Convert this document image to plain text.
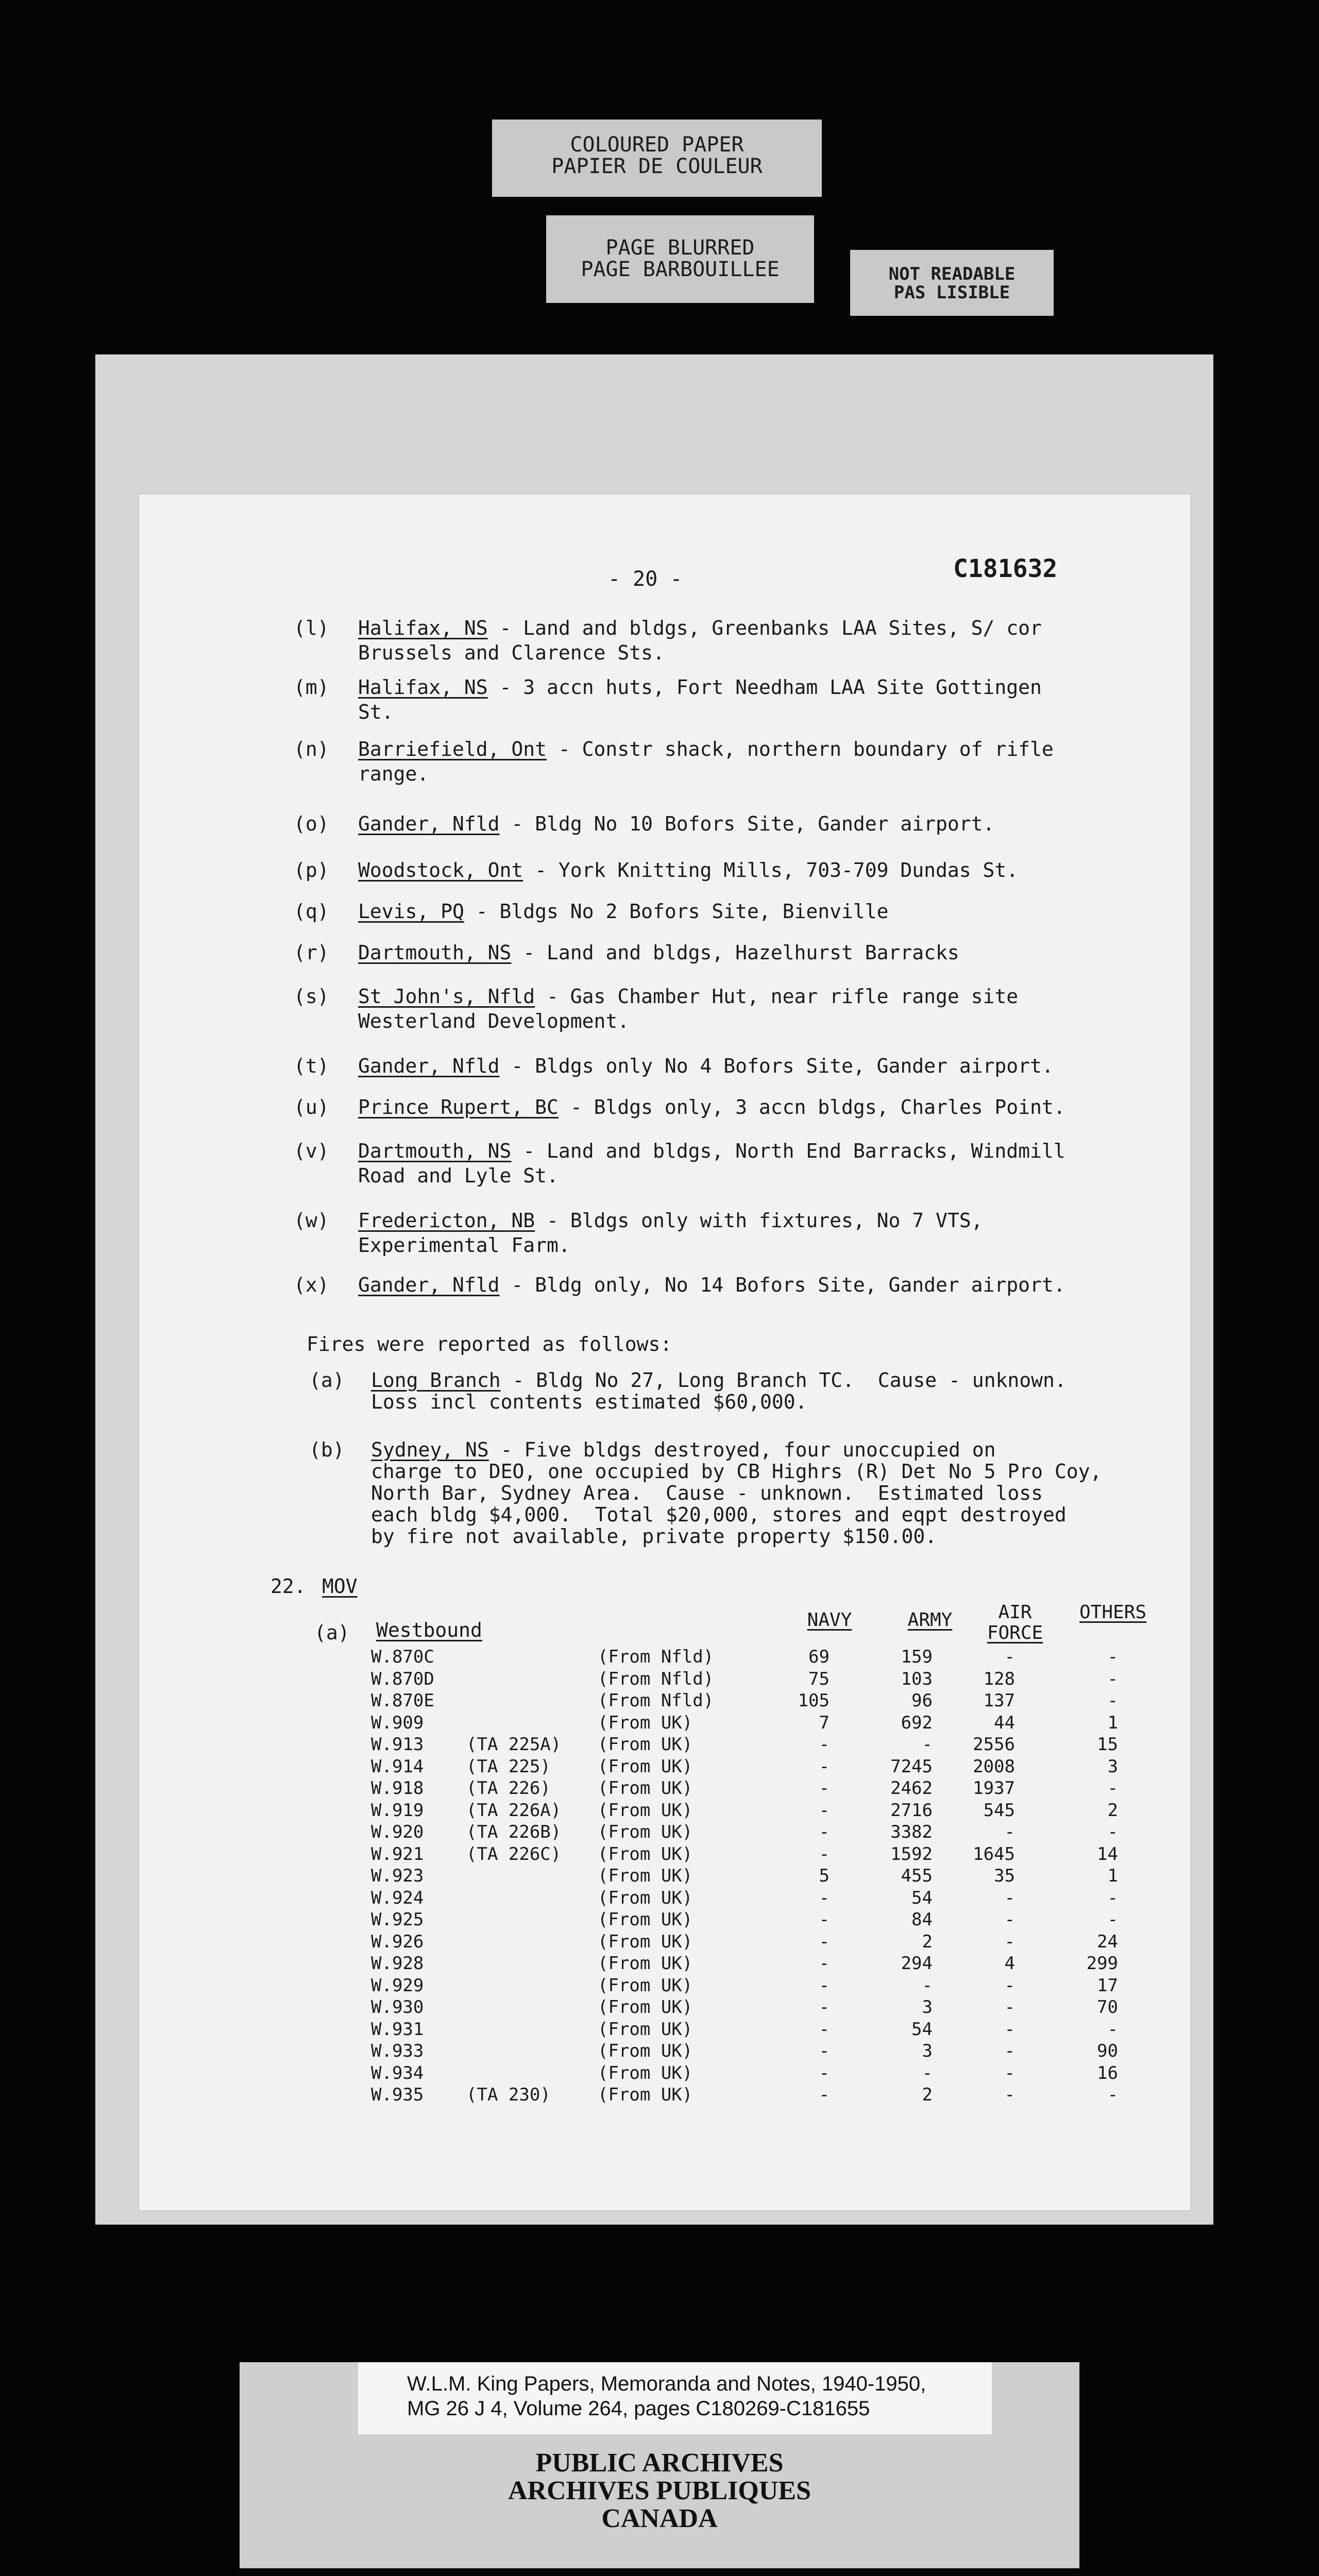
COLOURED PAPER
PAPIER DE COULEUR
PAGE BLURRED
PAGE BARBOUILLEE	NOT READABLE
PAS LISIBLE
- 20 -	C181632
(l) Halifax, NS - Land and bldgs, Greenbanks LAA Sites, S/ cor
Brussels and Clarence Sts.
(m) Halifax, NS - 3 accn huts, Fort Needham LAA Site Gottingen
St.
(n) Barriefield, Ont - Constr shack, northern boundary of rifle
range.
(o) Gander, Nfld - Bldg No 10 Bofors Site, Gander airport.
(p) Woodstock, Ont - York Knitting Mills, 703-709 Dundas St.
(q) Levis, PQ - Bldgs No 2 Bofors Site, Bienville
(r) Dartmouth, NS - Land and bldgs, Hazelhurst Barracks
(s) St John's, Nfld - Gas Chamber Hut, near rifle range site
Westerland Development.
(t) Gander, Nfld - Bldgs only No 4 Bofors Site, Gander airport.
(u) Prince Rupert, BC - Bldgs only, 3 accn bldgs, Charles Point.
(v) Dartmouth, NS - Land and bldgs, North End Barracks, Windmill
Road and Lyle St.
(w) Fredericton, NB - Bldgs only with fixtures, No 7 VTS,
Experimental Farm.
(x) Gander, Nfld - Bldg only, No 14 Bofors Site, Gander airport.
Fires were reported as follows:
(a) Long Branch - Bldg No 27, Long Branch TC.  Cause - unknown.
Loss incl contents estimated $60,000.
(b) Sydney, NS - Five bldgs destroyed, four unoccupied on
charge to DEO, one occupied by CB Highrs (R) Det No 5 Pro Coy,
North Bar, Sydney Area.  Cause - unknown.  Estimated loss
each bldg $4,000.  Total $20,000, stores and eqpt destroyed
by fire not available, private property $150.00.
22. MOV
(a) Westbound	NAVY	ARMY	AIR
FORCE
OTHERS
W.870C	(From Nfld)	69	159	-	-
W.870D	(From Nfld)	75	103	128	-
W.870E	(From Nfld)	105	96	137	-
W.909	(From UK)	7	692	44	1
W.913	(TA 225A)	(From UK)	-	-	2556	15
W.914	(TA 225)	(From UK)	-	7245	2008	3
W.918	(TA 226)	(From UK)	-	2462	1937	-
W.919	(TA 226A)	(From UK)	-	2716	545	2
W.920	(TA 226B)	(From UK)	-	3382	-	-
W.921	(TA 226C)	(From UK)	-	1592	1645	14
W.923	(From UK)	5	455	35	1
W.924	(From UK)	-	54	-	-
W.925	(From UK)	-	84	-	-
W.926	(From UK)	-	2	-	24
W.928	(From UK)	-	294	4	299
W.929	(From UK)	-	-	-	17
W.930	(From UK)	-	3	-	70
W.931	(From UK)	-	54	-	-
W.933	(From UK)	-	3	-	90
W.934	(From UK)	-	-	-	16
W.935	(TA 230)	(From UK)	-	2	-	-
W.L.M. King Papers, Memoranda and Notes, 1940-1950,
MG 26 J 4, Volume 264, pages C180269-C181655
PUBLIC ARCHIVES
ARCHIVES PUBLIQUES
CANADA
